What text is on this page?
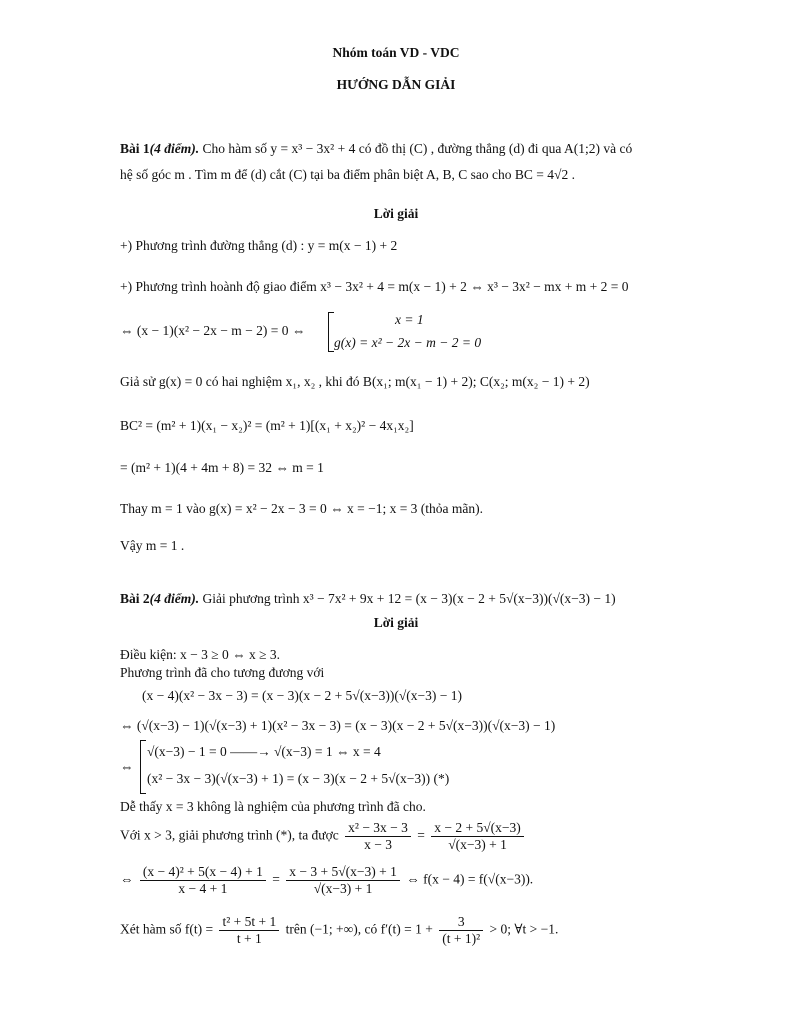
Nhóm toán VD - VDC
HƯỚNG DẪN GIẢI
Bài 1(4 điểm). Cho hàm số y = x³ − 3x² + 4 có đồ thị (C) , đường thẳng (d) đi qua A(1;2) và có
hệ số góc m . Tìm m để (d) cắt (C) tại ba điểm phân biệt A, B, C sao cho BC = 4√2 .
Lời giải
+) Phương trình đường thẳng (d) : y = m(x − 1) + 2
+) Phương trình hoành độ giao điểm x³ − 3x² + 4 = m(x − 1) + 2 ⇔ x³ − 3x² − mx + m + 2 = 0
⇔ (x − 1)(x² − 2x − m − 2) = 0 ⇔
x = 1
g(x) = x² − 2x − m − 2 = 0
Giả sử g(x) = 0 có hai nghiệm x₁, x₂ , khi đó B(x₁; m(x₁ − 1) + 2); C(x₂; m(x₂ − 1) + 2)
BC² = (m² + 1)(x₁ − x₂)² = (m² + 1)[(x₁ + x₂)² − 4x₁x₂]
= (m² + 1)(4 + 4m + 8) = 32 ⇔ m = 1
Thay m = 1 vào g(x) = x² − 2x − 3 = 0 ⇔ x = −1; x = 3 (thỏa mãn).
Vậy m = 1 .
Bài 2(4 điểm). Giải phương trình x³ − 7x² + 9x + 12 = (x − 3)(x − 2 + 5√(x−3))(√(x−3) − 1)
Lời giải
Điều kiện: x − 3 ≥ 0 ⇔ x ≥ 3.
Phương trình đã cho tương đương với
(x − 4)(x² − 3x − 3) = (x − 3)(x − 2 + 5√(x−3))(√(x−3) − 1)
⇔ (√(x−3) − 1)(√(x−3) + 1)(x² − 3x − 3) = (x − 3)(x − 2 + 5√(x−3))(√(x−3) − 1)
⇔
√(x−3) − 1 = 0 ——→ √(x−3) = 1 ⇔ x = 4
(x² − 3x − 3)(√(x−3) + 1) = (x − 3)(x − 2 + 5√(x−3)) (*)
Dễ thấy x = 3 không là nghiệm của phương trình đã cho.
Với x > 3, giải phương trình (*), ta được $\frac{\text{x² − 3x − 3}}{x - 3} = \frac{x - 2 + 5√(x-3)}{√(x-3) + 1}$
⇔ $\frac{\text{(x − 4)² + 5(x − 4) + 1}}{x - 4 + 1} = \frac{x - 3 + 5√(x-3) + 1}{√(x-3) + 1}$ ⇔ f(x − 4) = f(√(x−3)).
Xét hàm số $f(t) = \frac{\text{t² + 5t + 1}}{t + 1}$ trên (−1; +∞), có $f'(t) = 1 + \frac{3}{\text{(t + 1)²}} > 0$; ∀t > −1.
